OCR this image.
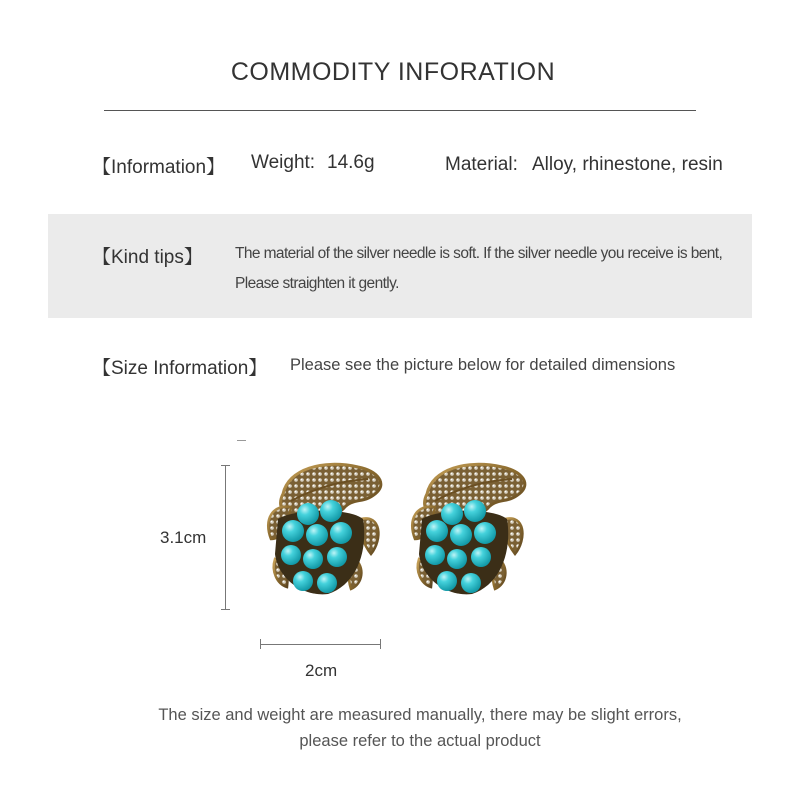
COMMODITY INFORATION
【Information】 Weight: 14.6g	Material: Alloy, rhinestone, resin
【Kind tips】 The material of the silver needle is soft. If the silver needle you receive is bent,
Please straighten it gently.
【Size Information】 Please see the picture below for detailed dimensions
3.1cm
2cm
The size and weight are measured manually, there may be slight errors,
please refer to the actual product
